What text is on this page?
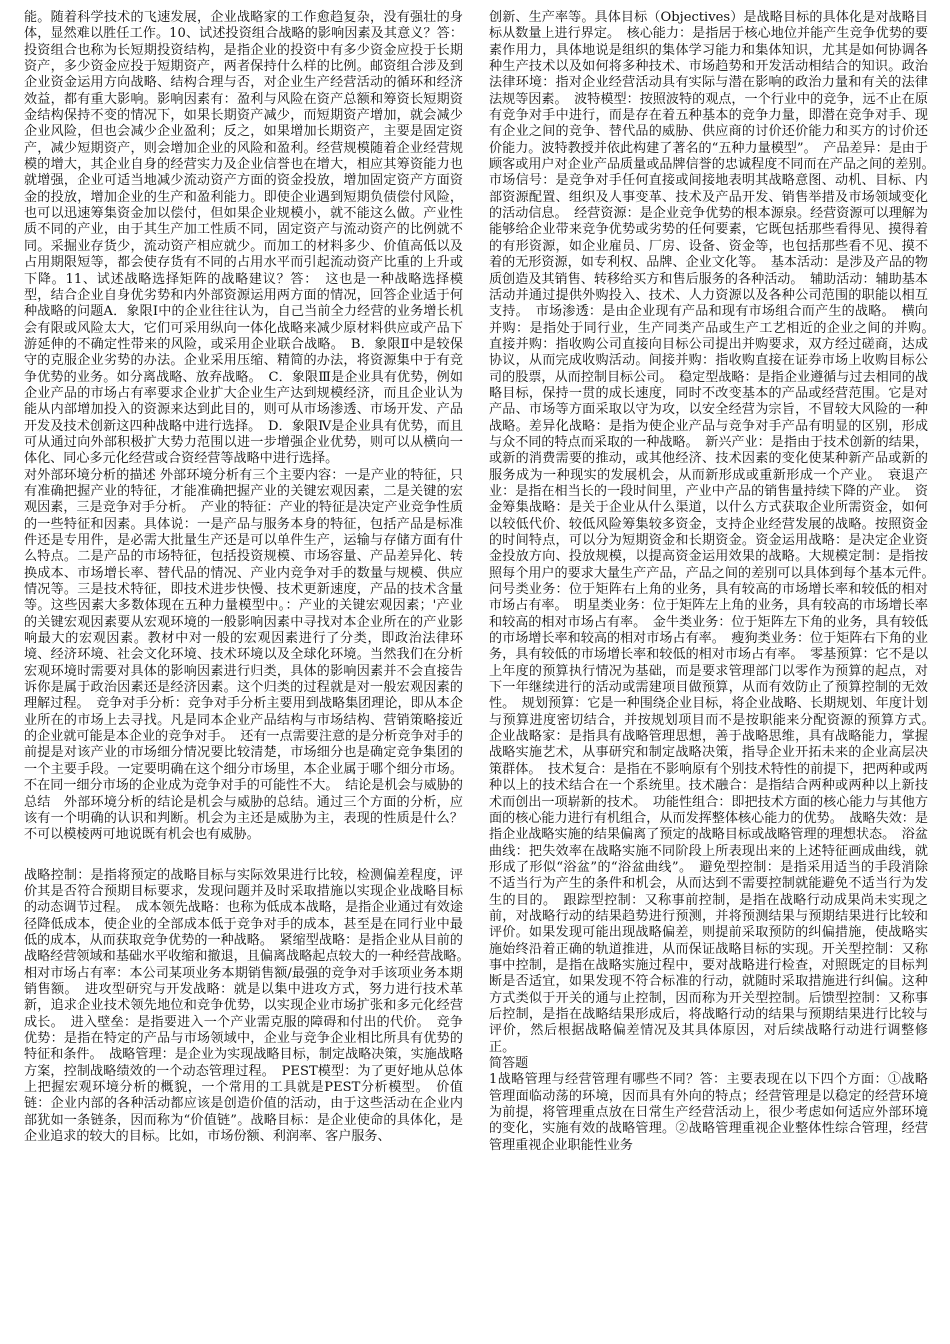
能。随着科学技术的飞速发展，企业战略家的工作愈趋复杂，没有强壮的身体，显然难以胜任工作。10、试述投资组合战略的影响因素及其意义？答：投资组合也称为长短期投资结构，是指企业的投资中有多少资金应投于长期资产，多少资金应投于短期资产，两者保持什么样的比例。邮资组合涉及到企业资金运用方向战略、结构合理与否，对企业生产经营活动的循环和经济效益，都有重大影响。影响因素有：盈利与风险在资产总额和筹资长短期资金结构保持不变的情况下，如果长期资产减少，而短期资产增加，就会减少企业风险，但也会减少企业盈利；反之，如果增加长期资产，主要是固定资产，减少短期资产，则会增加企业的风险和盈利。经营规模随着企业经营规模的增大，其企业自身的经营实力及企业信誉也在增大，相应其筹资能力也就增强，企业可适当地减少流动资产方面的资金投放，增加固定资产方面资金的投放，增加企业的生产和盈利能力。即使企业遇到短期负债偿付风险，也可以迅速筹集资金加以偿付，但如果企业规模小，就不能这么做。产业性质不同的产业，由于其生产加工性质不同，固定资产与流动资产的比例就不同。采掘业存货少，流动资产相应就少。而加工的材料多少、价值高低以及占用期限短等，都会使存货有不同的占用水平而引起流动资产比重的上升或下降。11、试述战略选择矩阵的战略建议？答：　这也是一种战略选择模型，结合企业自身优劣势和内外部资源运用两方面的情况，回答企业适于何种战略的问题A．象限Ⅰ中的企业往往认为，自己当前全力经营的业务增长机会有限或风险太大，它们可采用纵向一体化战略来减少原材料供应或产品下游延伸的不确定性带来的风险，或采用企业联合战略。　B．象限Ⅱ中是较保守的克服企业劣势的办法。企业采用压缩、精简的办法，将资源集中于有竞争优势的业务。如分离战略、放弃战略。　C．象限Ⅲ是企业具有优势，例如企业产品的市场占有率要求企业扩大企业生产达到规模经济，而且企业认为能从内部增加投入的资源来达到此目的，则可从市场渗透、市场开发、产品开发及技术创新这四种战略中进行选择。　D．象限Ⅳ是企业具有优势，而且可从通过向外部积极扩大势力范围以进一步增强企业优势，则可以从横向一体化、同心多元化经营或合资经营等战略中进行选择。

对外部环境分析的描述 外部环境分析有三个主要内容：一是产业的特征，只有准确把握产业的特征，才能准确把握产业的关键宏观因素，二是关键的宏观因素，三是竞争对手分析。　产业的特征：产业的特征是决定产业竞争性质的一些特征和因素。具体说：一是产品与服务本身的特征，包括产品是标准件还是专用件，是必需大批量生产还是可以单件生产，运输与存储方面有什么特点。二是产品的市场特征，包括投资规模、市场容量、产品差异化、转换成本、市场增长率、替代品的情况、产业内竞争对手的数量与规模、供应情况等。三是技术特征，即技术进步快慢、技术更新速度，产品的技术含量等。这些因素大多数体现在五种力量模型中。：产业的关键宏观因素；'产业的关键宏观因素要从宏观环境的一般影响因素中寻找对本企业所在的产业影响最大的宏观因素。教材中对一般的宏观因素进行了分类，即政治法律环境、经济环境、社会文化环境、技术环境以及全球化环境。当然我们在分析宏观环境时需要对具体的影响因素进行归类，具体的影响因素并不会直接告诉你是属于政治因素还是经济因素。这个归类的过程就是对一般宏观因素的理解过程。　竞争对手分析：竞争对手分析主要用到战略集团理论，即从本企业所在的市场上去寻找。凡是同本企业产品结构与市场结构、营销策略接近的企业就可能是本企业的竞争对手。　还有一点需要注意的是分析竞争对手的前提是对该产业的市场细分情况要比较清楚，市场细分也是确定竞争集团的一个主要手段。一定要明确在这个细分市场里，本企业属于哪个细分市场。不在同一细分市场的企业成为竞争对手的可能性不大。　结论是机会与威胁的总结　外部环境分析的结论是机会与威胁的总结。通过三个方面的分析，应该有一个明确的认识和判断。机会为主还是威胁为主，表现的性质是什么？不可以模棱两可地说既有机会也有威胁。

战略控制：是指将预定的战略目标与实际效果进行比较，检测偏差程度，评价其是否符合预期目标要求，发现问题并及时采取措施以实现企业战略目标的动态调节过程。　成本领先战略：也称为低成本战略，是指企业通过有效途径降低成本，使企业的全部成本低于竞争对手的成本，甚至是在同行业中最低的成本，从而获取竞争优势的一种战略。　紧缩型战略：是指企业从目前的战略经营领域和基础水平收缩和撤退，且偏离战略起点较大的一种经营战略。　相对市场占有率：本公司某项业务本期销售额/最强的竞争对手该项业务本期销售额。　进攻型研究与开发战略：就是以集中进攻方式，努力进行技术革新，追求企业技术领先地位和竞争优势，以实现企业市场扩张和多元化经营成长。　进入壁垒：是指要进入一个产业需克服的障碍和付出的代价。　竞争优势：是指在特定的产品与市场领域中，企业与竞争企业相比所具有优势的特征和条件。　战略管理：是企业为实现战略目标，制定战略决策，实施战略方案，控制战略绩效的一个动态管理过程。　PEST模型：为了更好地从总体上把握宏观环境分析的概貌，一个常用的工具就是PEST分析模型。　价值链：企业内部的各种活动都应该是创造价值的活动，由于这些活动在企业内部犹如一条链条，因而称为“价值链”。战略目标：是企业使命的具体化，是企业追求的较大的目标。比如，市场份额、利润率、客户服务、

创新、生产率等。具体目标（Objectives）是战略目标的具体化是对战略目标从数量上进行界定。　核心能力：是指居于核心地位并能产生竞争优势的要素作用力，具体地说是组织的集体学习能力和集体知识，尤其是如何协调各种生产技术以及如何将多种技术、市场趋势和开发活动相结合的知识。政治法律环境：指对企业经营活动具有实际与潜在影响的政治力量和有关的法律法规等因素。　波特模型：按照波特的观点，一个行业中的竞争，远不止在原有竞争对手中进行，而是存在着五种基本的竞争力量，即潜在竞争对手、现有企业之间的竞争、替代品的威胁、供应商的讨价还价能力和买方的讨价还价能力。波特教授并依此构建了著名的“五种力量模型”。　产品差异：是由于顾客或用户对企业产品质量或品牌信誉的忠诚程度不同而在产品之间的差别。　市场信号：是竞争对手任何直接或间接地表明其战略意图、动机、目标、内部资源配置、组织及人事变革、技术及产品开发、销售举措及市场领域变化的活动信息。　经营资源：是企业竞争优势的根本源泉。经营资源可以理解为能够给企业带来竞争优势或劣势的任何要素，它既包括那些看得见、摸得着的有形资源，如企业雇员、厂房、设备、资金等，也包括那些看不见、摸不着的无形资源，如专利权、品牌、企业文化等。　基本活动：是涉及产品的物质创造及其销售、转移给买方和售后服务的各种活动。　辅助活动：辅助基本活动并通过提供外购投入、技术、人力资源以及各种公司范围的职能以相互支持。　市场渗透：是由企业现有产品和现有市场组合而产生的战略。　横向并购：是指处于同行业，生产同类产品或生产工艺相近的企业之间的并购。　直接并购：指收购公司直接向目标公司提出并购要求，双方经过磋商，达成协议，从而完成收购活动。间接并购：指收购直接在证券市场上收购目标公司的股票，从而控制目标公司。　稳定型战略：是指企业遵循与过去相同的战略目标，保持一贯的成长速度，同时不改变基本的产品或经营范围。它是对产品、市场等方面采取以守为攻，以安全经营为宗旨，不冒较大风险的一种战略。差异化战略：是指为使企业产品与竞争对手产品有明显的区别，形成与众不同的特点而采取的一种战略。　新兴产业：是指由于技术创新的结果，或新的消费需要的推动，或其他经济、技术因素的变化使某种新产品或新的服务成为一种现实的发展机会，从而新形成或重新形成一个产业。　衰退产业：是指在相当长的一段时间里，产业中产品的销售量持续下降的产业。　资金筹集战略：是关于企业从什么渠道，以什么方式获取企业所需资金，如何以较低代价、较低风险筹集较多资金，支持企业经营发展的战略。按照资金的时间特点，可以分为短期资金和长期资金。资金运用战略：是决定企业资金投放方向、投放规模，以提高资金运用效果的战略。大规模定制：是指按照每个用户的要求大量生产产品，产品之间的差别可以具体到每个基本元件。　问号类业务：位于矩阵右上角的业务，具有较高的市场增长率和较低的相对市场占有率。　明星类业务：位于矩阵左上角的业务，具有较高的市场增长率和较高的相对市场占有率。　金牛类业务：位于矩阵左下角的业务，具有较低的市场增长率和较高的相对市场占有率。　瘦狗类业务：位于矩阵右下角的业务，具有较低的市场增长率和较低的相对市场占有率。　零基预算：它不是以上年度的预算执行情况为基础，而是要求管理部门以零作为预算的起点，对下一年继续进行的活动或需建项目做预算，从而有效防止了预算控制的无效性。　规划预算：它是一种围绕企业目标，将企业战略、长期规划、年度计划与预算进度密切结合，并按规划项目而不是按职能来分配资源的预算方式。　企业战略家：是指具有战略管理思想，善于战略思维，具有战略能力，掌握战略实施艺术，从事研究和制定战略决策，指导企业开拓未来的企业高层决策群体。　技术复合：是指在不影响原有个别技术特性的前提下，把两种或两种以上的技术结合在一个系统里。技术融合：是指结合两种或两种以上新技术而创出一项崭新的技术。　功能性组合：即把技术方面的核心能力与其他方面的核心能力进行有机组合，从而发挥整体核心能力的优势。　战略失效：是指企业战略实施的结果偏离了预定的战略目标或战略管理的理想状态。　浴盆曲线：把失效率在战略实施不同阶段上所表现出来的上述特征画成曲线，就形成了形似“浴盆”的“浴盆曲线”。　避免型控制：是指采用适当的手段消除不适当行为产生的条件和机会，从而达到不需要控制就能避免不适当行为发生的目的。　跟踪型控制：又称事前控制，是指在战略行动成果尚未实现之前，对战略行动的结果趋势进行预测，并将预测结果与预期结果进行比较和评价。如果发现可能出现战略偏差，则提前采取预防的纠偏措施，使战略实施始终沿着正确的轨道推进，从而保证战略目标的实现。开关型控制：又称事中控制，是指在战略实施过程中，要对战略进行检查，对照既定的目标判断是否适宜，如果发现不符合标准的行动，就随时采取措施进行纠偏。这种方式类似于开关的通与止控制，因而称为开关型控制。后馈型控制：又称事后控制，是指在战略结果形成后，将战略行动的结果与预期结果进行比较与评价，然后根据战略偏差情况及其具体原因，对后续战略行动进行调整修正。

简答题

1战略管理与经营管理有哪些不同？答：主要表现在以下四个方面：①战略管理面临动荡的环境，因而具有外向的特点；经营管理是以稳定的经营环境为前提，将管理重点放在日常生产经营活动上，很少考虑如何适应外部环境的变化，实施有效的战略管理。②战略管理重视企业整体性综合管理，经营管理重视企业职能性业务
